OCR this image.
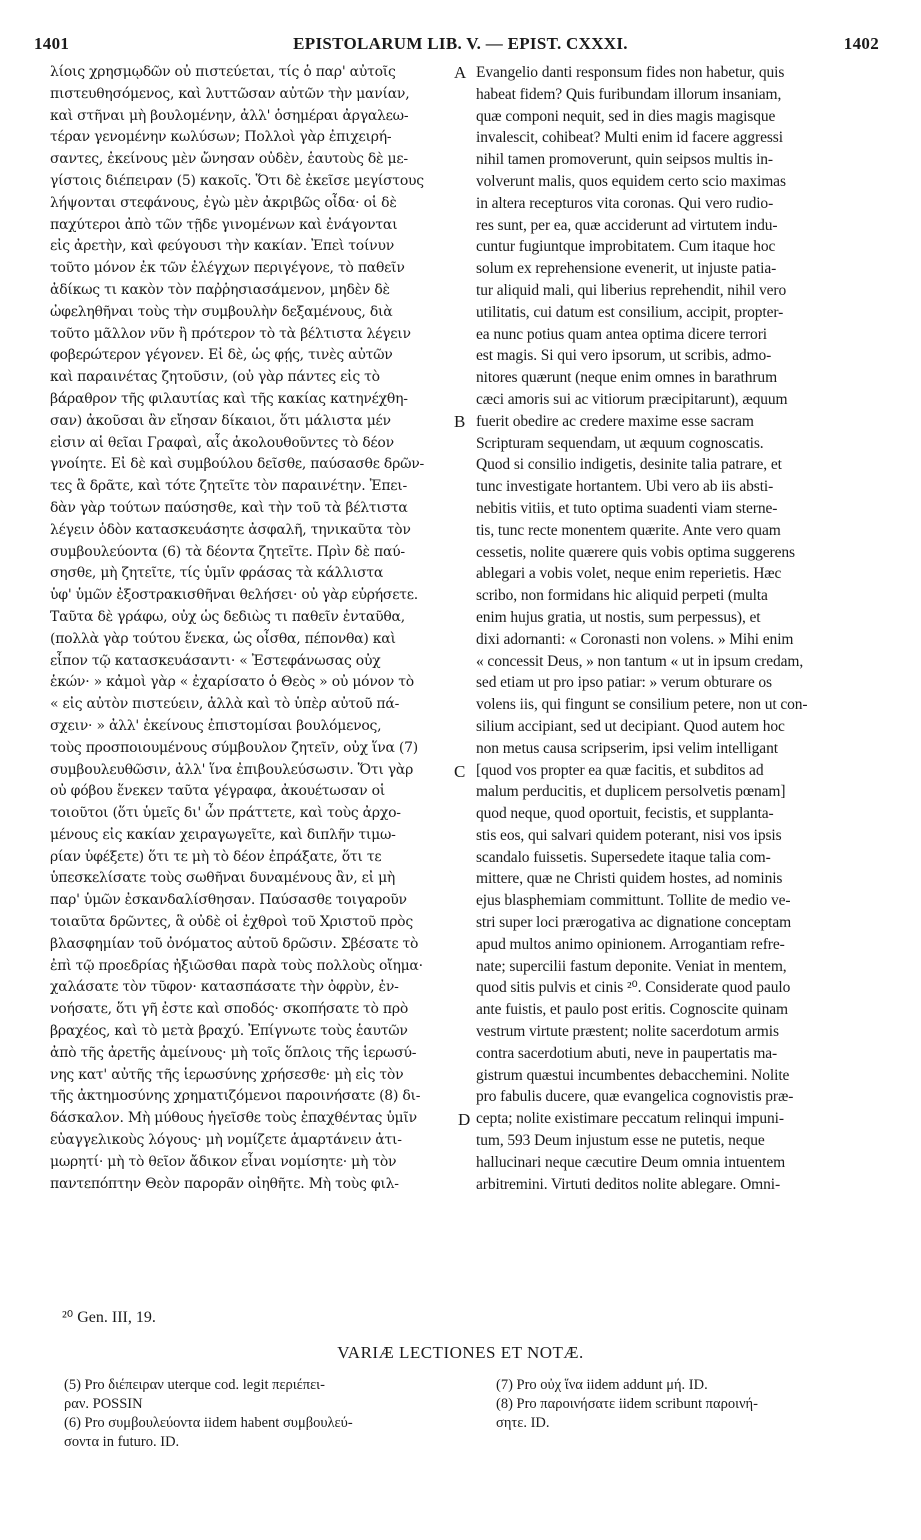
1401	EPISTOLARUM LIB. V. — EPIST. CXXXI.	1402
λίοις χρησμῳδῶν οὐ πιστεύεται, τίς ὁ παρ' αὐτοῖς
πιστευθησόμενος, καὶ λυττῶσαν αὐτῶν τὴν μανίαν,
καὶ στῆναι μὴ βουλομένην, ἀλλ' ὁσημέραι ἀργαλεω-
τέραν γενομένην κωλύσων; Πολλοὶ γὰρ ἐπιχειρή-
σαντες, ἐκείνους μὲν ὤνησαν οὐδὲν, ἑαυτοὺς δὲ με-
γίστοις διέπειραν (5) κακοῖς. Ὅτι δὲ ἐκεῖσε μεγίστους
λήψονται στεφάνους, ἐγὼ μὲν ἀκριβῶς οἶδα· οἱ δὲ
παχύτεροι ἀπὸ τῶν τῇδε γινομένων καὶ ἐνάγονται
εἰς ἀρετὴν, καὶ φεύγουσι τὴν κακίαν. Ἐπεὶ τοίνυν
τοῦτο μόνον ἐκ τῶν ἐλέγχων περιγέγονε, τὸ παθεῖν
ἀδίκως τι κακὸν τὸν παῤῥησιασάμενον, μηδὲν δὲ
ὠφεληθῆναι τοὺς τὴν συμβουλὴν δεξαμένους, διὰ
τοῦτο μᾶλλον νῦν ἢ πρότερον τὸ τὰ βέλτιστα λέγειν
φοβερώτερον γέγονεν. Εἰ δὲ, ὡς φῄς, τινὲς αὐτῶν
καὶ παραινέτας ζητοῦσιν, (οὐ γὰρ πάντες εἰς τὸ
βάραθρον τῆς φιλαυτίας καὶ τῆς κακίας κατηνέχθη-
σαν) ἀκοῦσαι ἂν εἴησαν δίκαιοι, ὅτι μάλιστα μέν
εἰσιν αἱ θεῖαι Γραφαὶ, αἷς ἀκολουθοῦντες τὸ δέον
γνοίητε. Εἰ δὲ καὶ συμβούλου δεῖσθε, παύσασθε δρῶν-
τες ἃ δρᾶτε, καὶ τότε ζητεῖτε τὸν παραινέτην. Ἐπει-
δὰν γὰρ τούτων παύσησθε, καὶ τὴν τοῦ τὰ βέλτιστα
λέγειν ὁδὸν κατασκευάσητε ἀσφαλῆ, τηνικαῦτα τὸν
συμβουλεύοντα (6) τὰ δέοντα ζητεῖτε. Πρὶν δὲ παύ-
σησθε, μὴ ζητεῖτε, τίς ὑμῖν φράσας τὰ κάλλιστα
ὑφ' ὑμῶν ἐξοστρακισθῆναι θελήσει· οὐ γὰρ εὑρήσετε.
Ταῦτα δὲ γράφω, οὐχ ὡς δεδιὼς τι παθεῖν ἐνταῦθα,
(πολλὰ γὰρ τούτου ἕνεκα, ὡς οἶσθα, πέπονθα) καὶ
εἶπον τῷ κατασκευάσαντι· « Ἐστεφάνωσας οὐχ
ἑκών· » κἀμοὶ γὰρ « ἐχαρίσατο ὁ Θεὸς » οὐ μόνον τὸ
« εἰς αὐτὸν πιστεύειν, ἀλλὰ καὶ τὸ ὑπὲρ αὐτοῦ πά-
σχειν· » ἀλλ' ἐκείνους ἐπιστομίσαι βουλόμενος,
τοὺς προσποιουμένους σύμβουλον ζητεῖν, οὐχ ἵνα (7)
συμβουλευθῶσιν, ἀλλ' ἵνα ἐπιβουλεύσωσιν. Ὅτι γὰρ
οὐ φόβου ἕνεκεν ταῦτα γέγραφα, ἀκουέτωσαν οἱ
τοιοῦτοι (ὅτι ὑμεῖς δι' ὧν πράττετε, καὶ τοὺς ἀρχο-
μένους εἰς κακίαν χειραγωγεῖτε, καὶ διπλῆν τιμω-
ρίαν ὑφέξετε) ὅτι τε μὴ τὸ δέον ἐπράξατε, ὅτι τε
ὑπεσκελίσατε τοὺς σωθῆναι δυναμένους ἂν, εἰ μὴ
παρ' ὑμῶν ἐσκανδαλίσθησαν. Παύσασθε τοιγαροῦν
τοιαῦτα δρῶντες, ἃ οὐδὲ οἱ ἐχθροὶ τοῦ Χριστοῦ πρὸς
βλασφημίαν τοῦ ὀνόματος αὐτοῦ δρῶσιν. Σβέσατε τὸ
ἐπὶ τῷ προεδρίας ἠξιῶσθαι παρὰ τοὺς πολλοὺς οἴημα·
χαλάσατε τὸν τῦφον· κατασπάσατε τὴν ὀφρὺν, ἐν-
νοήσατε, ὅτι γῆ ἐστε καὶ σποδός· σκοπήσατε τὸ πρὸ
βραχέος, καὶ τὸ μετὰ βραχύ. Ἐπίγνωτε τοὺς ἑαυτῶν
ἀπὸ τῆς ἀρετῆς ἀμείνους· μὴ τοῖς ὅπλοις τῆς ἱερωσύ-
νης κατ' αὐτῆς τῆς ἱερωσύνης χρήσεσθε· μὴ εἰς τὸν
τῆς ἀκτημοσύνης χρηματιζόμενοι παροινήσατε (8) δι-
δάσκαλον. Μὴ μύθους ἡγεῖσθε τοὺς ἐπαχθέντας ὑμῖν
εὐαγγελικοὺς λόγους· μὴ νομίζετε ἁμαρτάνειν ἀτι-
μωρητί· μὴ τὸ θεῖον ἄδικον εἶναι νομίσητε· μὴ τὸν
παντεπόπτην Θεὸν παρορᾶν οἰηθῆτε. Μὴ τοὺς φιλ-
Evangelio danti responsum fides non habetur, quis
habeat fidem? Quis furibundam illorum insaniam,
quæ componi nequit, sed in dies magis magisque
invalescit, cohibeat? Multi enim id facere aggressi
nihil tamen promoverunt, quin seipsos multis in-
volverunt malis, quos equidem certo scio maximas
in altera recepturos vita coronas. Qui vero rudio-
res sunt, per ea, quæ acciderunt ad virtutem indu-
cuntur fugiuntque improbitatem. Cum itaque hoc
solum ex reprehensione evenerit, ut injuste patia-
tur aliquid mali, qui liberius reprehendit, nihil vero
utilitatis, cui datum est consilium, accipit, propter-
ea nunc potius quam antea optima dicere terrori
est magis. Si qui vero ipsorum, ut scribis, admo-
nitores quærunt (neque enim omnes in barathrum
cæci amoris sui ac vitiorum præcipitarunt), æquum
fuerit obedire ac credere maxime esse sacram
Scripturam sequendam, ut æquum cognoscatis.
Quod si consilio indigetis, desinite talia patrare, et
tunc investigate hortantem. Ubi vero ab iis absti-
nebitis vitiis, et tuto optima suadenti viam sterne-
tis, tunc recte monentem quærite. Ante vero quam
cessetis, nolite quærere quis vobis optima suggerens
ablegari a vobis volet, neque enim reperietis. Hæc
scribo, non formidans hic aliquid perpeti (multa
enim hujus gratia, ut nostis, sum perpessus), et
dixi adornanti: « Coronasti non volens. » Mihi enim
« concessit Deus, » non tantum « ut in ipsum credam,
sed etiam ut pro ipso patiar: » verum obturare os
volens iis, qui fingunt se consilium petere, non ut con-
silium accipiant, sed ut decipiant. Quod autem hoc
non metus causa scripserim, ipsi velim intelligant
[quod vos propter ea quæ facitis, et subditos ad
malum perducitis, et duplicem persolvetis pœnam]
quod neque, quod oportuit, fecistis, et supplanta-
stis eos, qui salvari quidem poterant, nisi vos ipsis
scandalo fuissetis. Supersedete itaque talia com-
mittere, quæ ne Christi quidem hostes, ad nominis
ejus blasphemiam committunt. Tollite de medio ve-
stri super loci prærogativa ac dignatione conceptam
apud multos animo opinionem. Arrogantiam refre-
nate; supercilii fastum deponite. Veniat in mentem,
quod sitis pulvis et cinis ²⁰. Considerate quod paulo
ante fuistis, et paulo post eritis. Cognoscite quinam
vestrum virtute præstent; nolite sacerdotum armis
contra sacerdotium abuti, neve in paupertatis ma-
gistrum quæstui incumbentes debacchemini. Nolite
pro fabulis ducere, quæ evangelica cognovistis præ-
cepta; nolite existimare peccatum relinqui impuni-
tum, 593 Deum injustum esse ne putetis, neque
hallucinari neque cæcutire Deum omnia intuentem
arbitremini. Virtuti deditos nolite ablegare. Omni-
A
B
C
D
²⁰ Gen. III, 19.
VARIÆ LECTIONES ET NOTÆ.
(5) Pro διέπειραν uterque cod. legit περιέπει-
ραν. POSSIN
(6) Pro συμβουλεύοντα iidem habent συμβουλεύ-
σοντα in futuro. ID.
(7) Pro οὐχ ἵνα iidem addunt μή. ID.
(8) Pro παροινήσατε iidem scribunt παροινή-
σητε. ID.
